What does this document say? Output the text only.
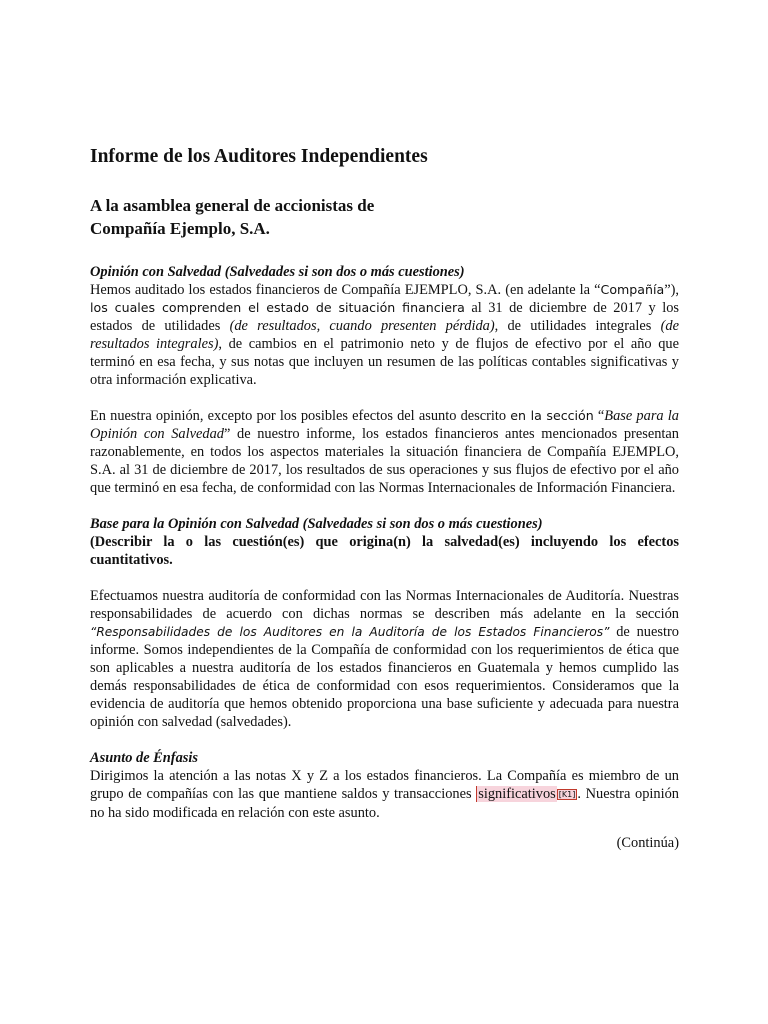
Informe de los Auditores Independientes
A la asamblea general de accionistas de
Compañía Ejemplo, S.A.
Opinión con Salvedad (Salvedades si son dos o más cuestiones)

Hemos auditado los estados financieros de Compañía EJEMPLO, S.A. (en adelante la “Compañía”), los cuales comprenden el estado de situación financiera al 31 de diciembre de 2017 y los estados de utilidades (de resultados, cuando presenten pérdida), de utilidades integrales (de resultados integrales), de cambios en el patrimonio neto y de flujos de efectivo por el año que terminó en esa fecha, y sus notas que incluyen un resumen de las políticas contables significativas y otra información explicativa.

En nuestra opinión, excepto por los posibles efectos del asunto descrito en la sección “Base para la Opinión con Salvedad” de nuestro informe, los estados financieros antes mencionados presentan razonablemente, en todos los aspectos materiales la situación financiera de Compañía EJEMPLO, S.A. al 31 de diciembre de 2017, los resultados de sus operaciones y sus flujos de efectivo por el año que terminó en esa fecha, de conformidad con las Normas Internacionales de Información Financiera.

Base para la Opinión con Salvedad (Salvedades si son dos o más cuestiones)

(Describir la o las cuestión(es) que origina(n) la salvedad(es) incluyendo los efectos cuantitativos.

Efectuamos nuestra auditoría de conformidad con las Normas Internacionales de Auditoría. Nuestras responsabilidades de acuerdo con dichas normas se describen más adelante en la sección “Responsabilidades de los Auditores en la Auditoría de los Estados Financieros” de nuestro informe. Somos independientes de la Compañía de conformidad con los requerimientos de ética que son aplicables a nuestra auditoría de los estados financieros en Guatemala y hemos cumplido las demás responsabilidades de ética de conformidad con esos requerimientos. Consideramos que la evidencia de auditoría que hemos obtenido proporciona una base suficiente y adecuada para nuestra opinión con salvedad (salvedades).

Asunto de Énfasis

Dirigimos la atención a las notas X y Z a los estados financieros. La Compañía es miembro de un grupo de compañías con las que mantiene saldos y transacciones significativos [K1] . Nuestra opinión no ha sido modificada en relación con este asunto.

(Continúa)
